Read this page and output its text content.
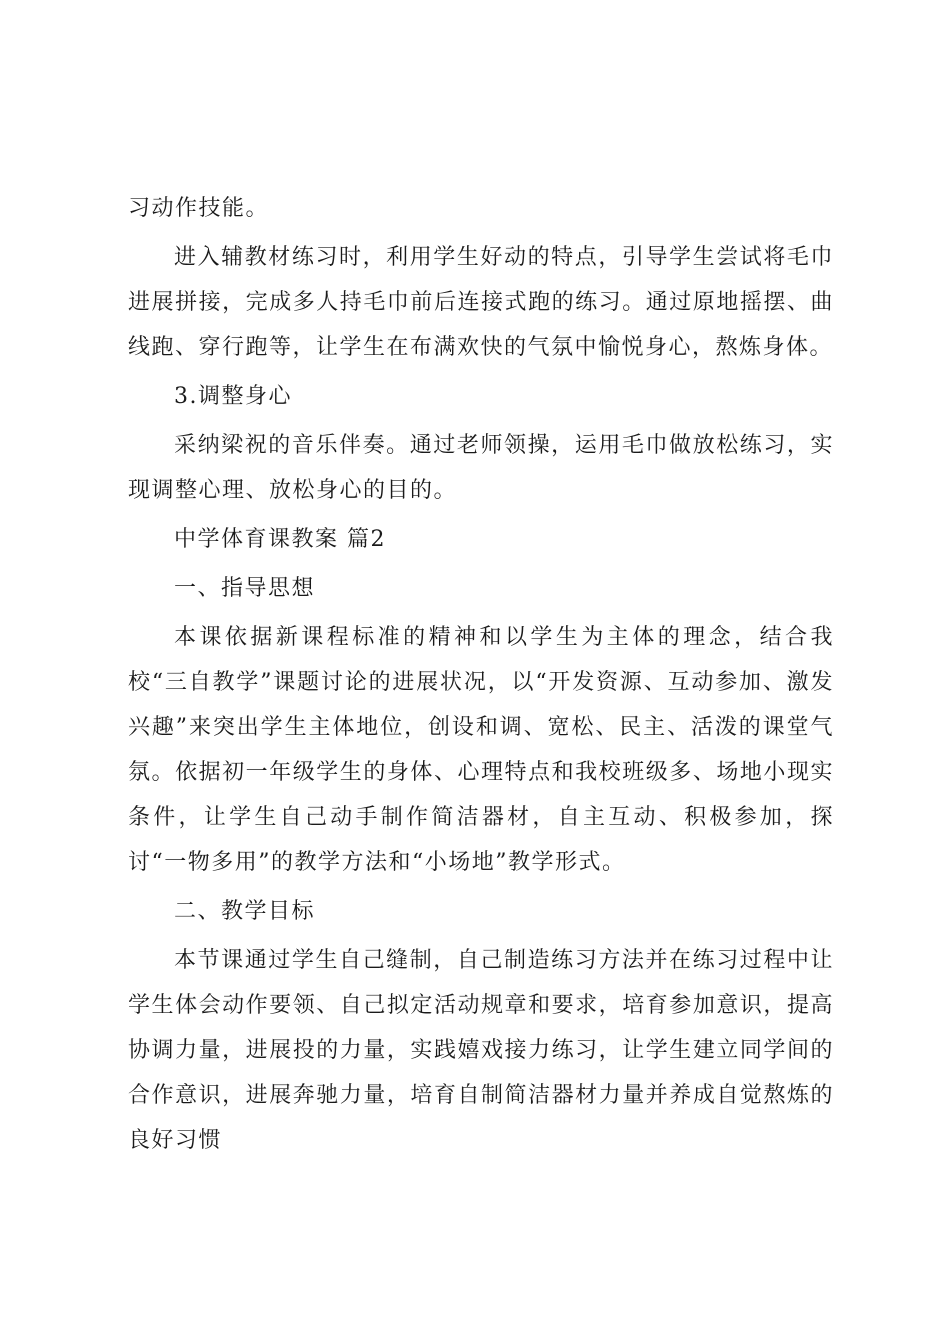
习动作技能。

进入辅教材练习时，利用学生好动的特点，引导学生尝试将毛巾进展拼接，完成多人持毛巾前后连接式跑的练习。通过原地摇摆、曲线跑、穿行跑等，让学生在布满欢快的气氛中愉悦身心，熬炼身体。

3.调整身心

采纳梁祝的音乐伴奏。通过老师领操，运用毛巾做放松练习，实现调整心理、放松身心的目的。

中学体育课教案 篇2

一、指导思想

本课依据新课程标准的精神和以学生为主体的理念，结合我校“三自教学”课题讨论的进展状况，以“开发资源、互动参加、激发兴趣”来突出学生主体地位，创设和调、宽松、民主、活泼的课堂气氛。依据初一年级学生的身体、心理特点和我校班级多、场地小现实条件，让学生自己动手制作简洁器材，自主互动、积极参加，探讨“一物多用”的教学方法和“小场地”教学形式。

二、教学目标

本节课通过学生自己缝制，自己制造练习方法并在练习过程中让学生体会动作要领、自己拟定活动规章和要求，培育参加意识，提高协调力量，进展投的力量，实践嬉戏接力练习，让学生建立同学间的合作意识，进展奔驰力量，培育自制简洁器材力量并养成自觉熬炼的良好习惯
